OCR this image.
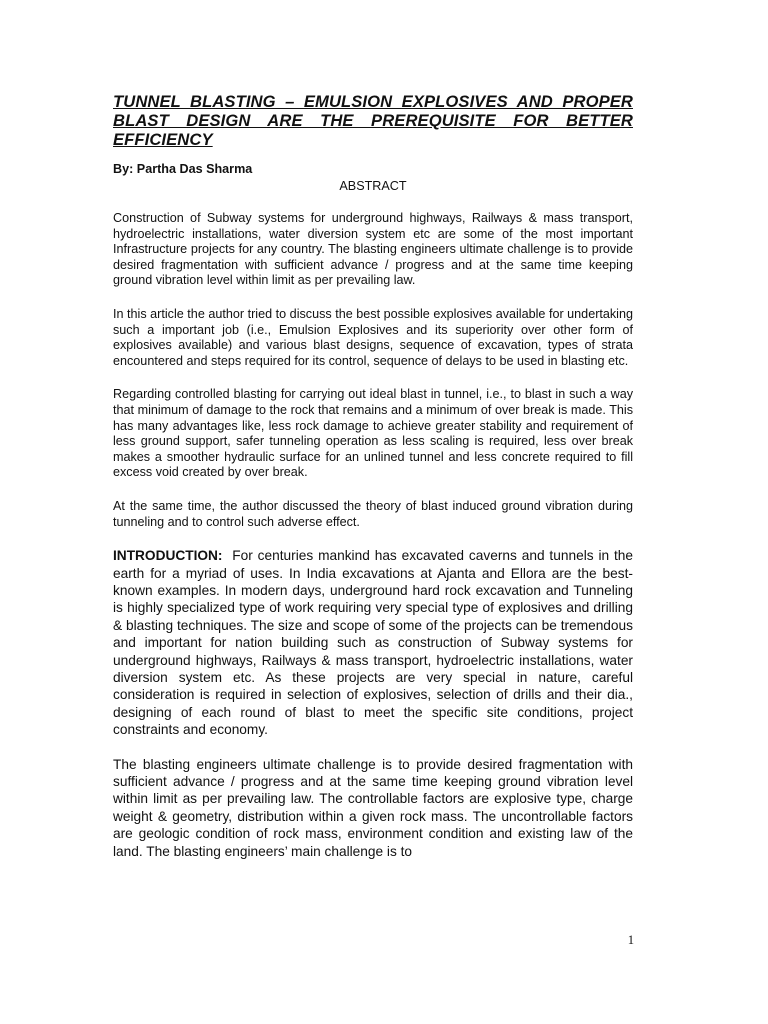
TUNNEL BLASTING – EMULSION EXPLOSIVES AND PROPER BLAST DESIGN ARE THE PREREQUISITE FOR BETTER EFFICIENCY
By: Partha Das Sharma
ABSTRACT

Construction of Subway systems for underground highways, Railways & mass transport, hydroelectric installations, water diversion system etc are some of the most important Infrastructure projects for any country. The blasting engineers ultimate challenge is to provide desired fragmentation with sufficient advance / progress and at the same time keeping ground vibration level within limit as per prevailing law.

In this article the author tried to discuss the best possible explosives available for undertaking such a important job (i.e., Emulsion Explosives and its superiority over other form of explosives available) and various blast designs, sequence of excavation, types of strata encountered and steps required for its control, sequence of delays to be used in blasting etc.

Regarding controlled blasting for carrying out ideal blast in tunnel, i.e., to blast in such a way that minimum of damage to the rock that remains and a minimum of over break is made. This has many advantages like, less rock damage to achieve greater stability and requirement of less ground support, safer tunneling operation as less scaling is required, less over break makes a smoother hydraulic surface for an unlined tunnel and less concrete required to fill excess void created by over break.

At the same time, the author discussed the theory of blast induced ground vibration during tunneling and to control such adverse effect.

INTRODUCTION: For centuries mankind has excavated caverns and tunnels in the earth for a myriad of uses. In India excavations at Ajanta and Ellora are the best-known examples. In modern days, underground hard rock excavation and Tunneling is highly specialized type of work requiring very special type of explosives and drilling & blasting techniques. The size and scope of some of the projects can be tremendous and important for nation building such as construction of Subway systems for underground highways, Railways & mass transport, hydroelectric installations, water diversion system etc. As these projects are very special in nature, careful consideration is required in selection of explosives, selection of drills and their dia., designing of each round of blast to meet the specific site conditions, project constraints and economy.

The blasting engineers ultimate challenge is to provide desired fragmentation with sufficient advance / progress and at the same time keeping ground vibration level within limit as per prevailing law. The controllable factors are explosive type, charge weight & geometry, distribution within a given rock mass. The uncontrollable factors are geologic condition of rock mass, environment condition and existing law of the land. The blasting engineers’ main challenge is to

1
